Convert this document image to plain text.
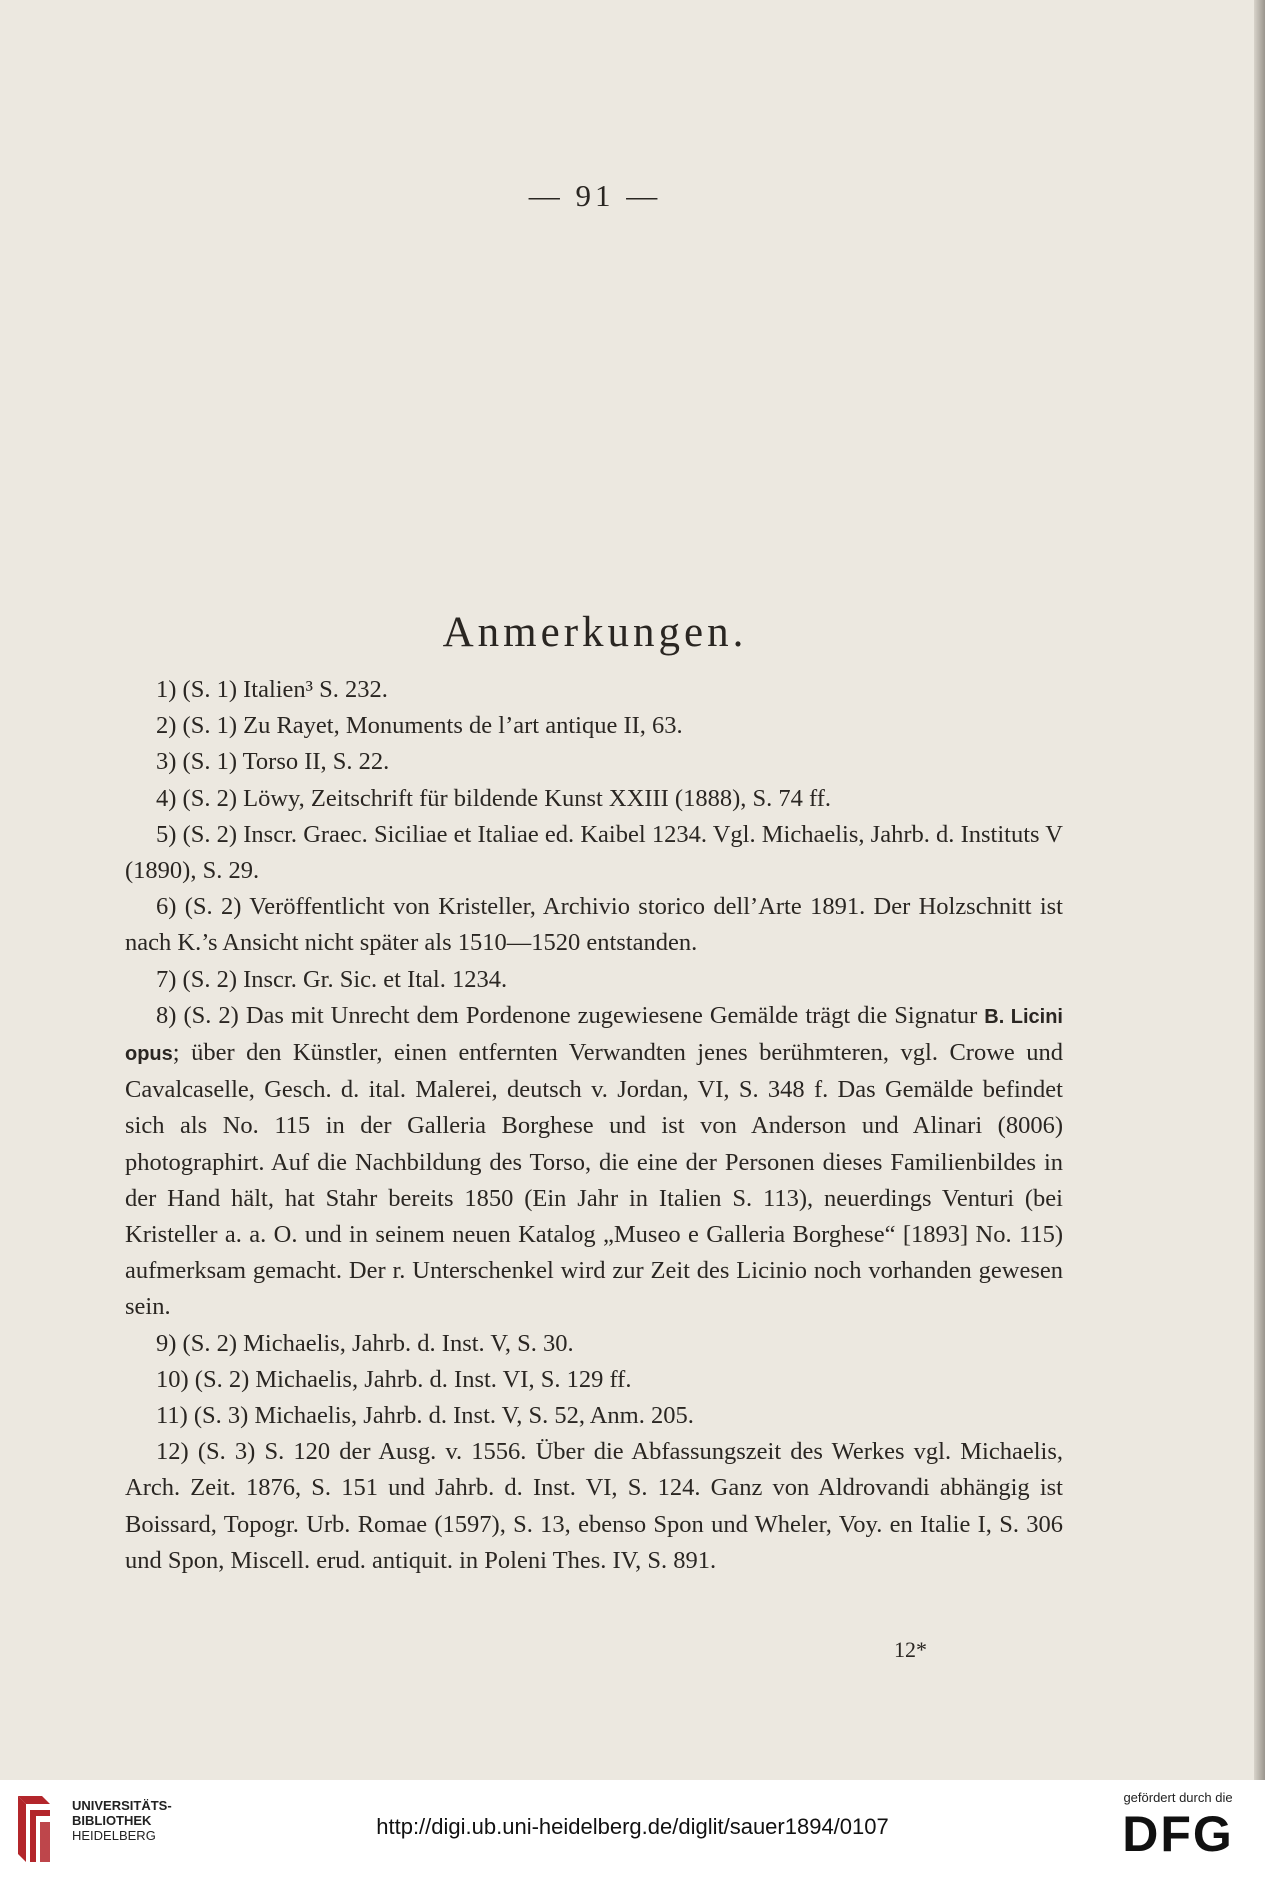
— 91 —
Anmerkungen.

1) (S. 1) Italien³ S. 232.

2) (S. 1) Zu Rayet, Monuments de l’art antique II, 63.

3) (S. 1) Torso II, S. 22.

4) (S. 2) Löwy, Zeitschrift für bildende Kunst XXIII (1888), S. 74 ff.

5) (S. 2) Inscr. Graec. Siciliae et Italiae ed. Kaibel 1234. Vgl. Michaelis, Jahrb. d. Instituts V (1890), S. 29.

6) (S. 2) Veröffentlicht von Kristeller, Archivio storico dell’Arte 1891. Der Holzschnitt ist nach K.’s Ansicht nicht später als 1510—1520 entstanden.

7) (S. 2) Inscr. Gr. Sic. et Ital. 1234.

8) (S. 2) Das mit Unrecht dem Pordenone zugewiesene Gemälde trägt die Signatur B. Licini opus; über den Künstler, einen entfernten Verwandten jenes berühmteren, vgl. Crowe und Cavalcaselle, Gesch. d. ital. Malerei, deutsch v. Jordan, VI, S. 348 f. Das Gemälde befindet sich als No. 115 in der Galleria Borghese und ist von Anderson und Alinari (8006) photographirt. Auf die Nachbildung des Torso, die eine der Personen dieses Familienbildes in der Hand hält, hat Stahr bereits 1850 (Ein Jahr in Italien S. 113), neuerdings Venturi (bei Kristeller a. a. O. und in seinem neuen Katalog „Museo e Galleria Borghese“ [1893] No. 115) aufmerksam gemacht. Der r. Unterschenkel wird zur Zeit des Licinio noch vorhanden gewesen sein.

9) (S. 2) Michaelis, Jahrb. d. Inst. V, S. 30.

10) (S. 2) Michaelis, Jahrb. d. Inst. VI, S. 129 ff.

11) (S. 3) Michaelis, Jahrb. d. Inst. V, S. 52, Anm. 205.

12) (S. 3) S. 120 der Ausg. v. 1556. Über die Abfassungszeit des Werkes vgl. Michaelis, Arch. Zeit. 1876, S. 151 und Jahrb. d. Inst. VI, S. 124. Ganz von Aldrovandi abhängig ist Boissard, Topogr. Urb. Romae (1597), S. 13, ebenso Spon und Wheler, Voy. en Italie I, S. 306 und Spon, Miscell. erud. antiquit. in Poleni Thes. IV, S. 891.

12*
UNIVERSITÄTS-
BIBLIOTHEK
HEIDELBERG	http://digi.ub.uni-heidelberg.de/diglit/sauer1894/0107
gefördert durch die
DFG
